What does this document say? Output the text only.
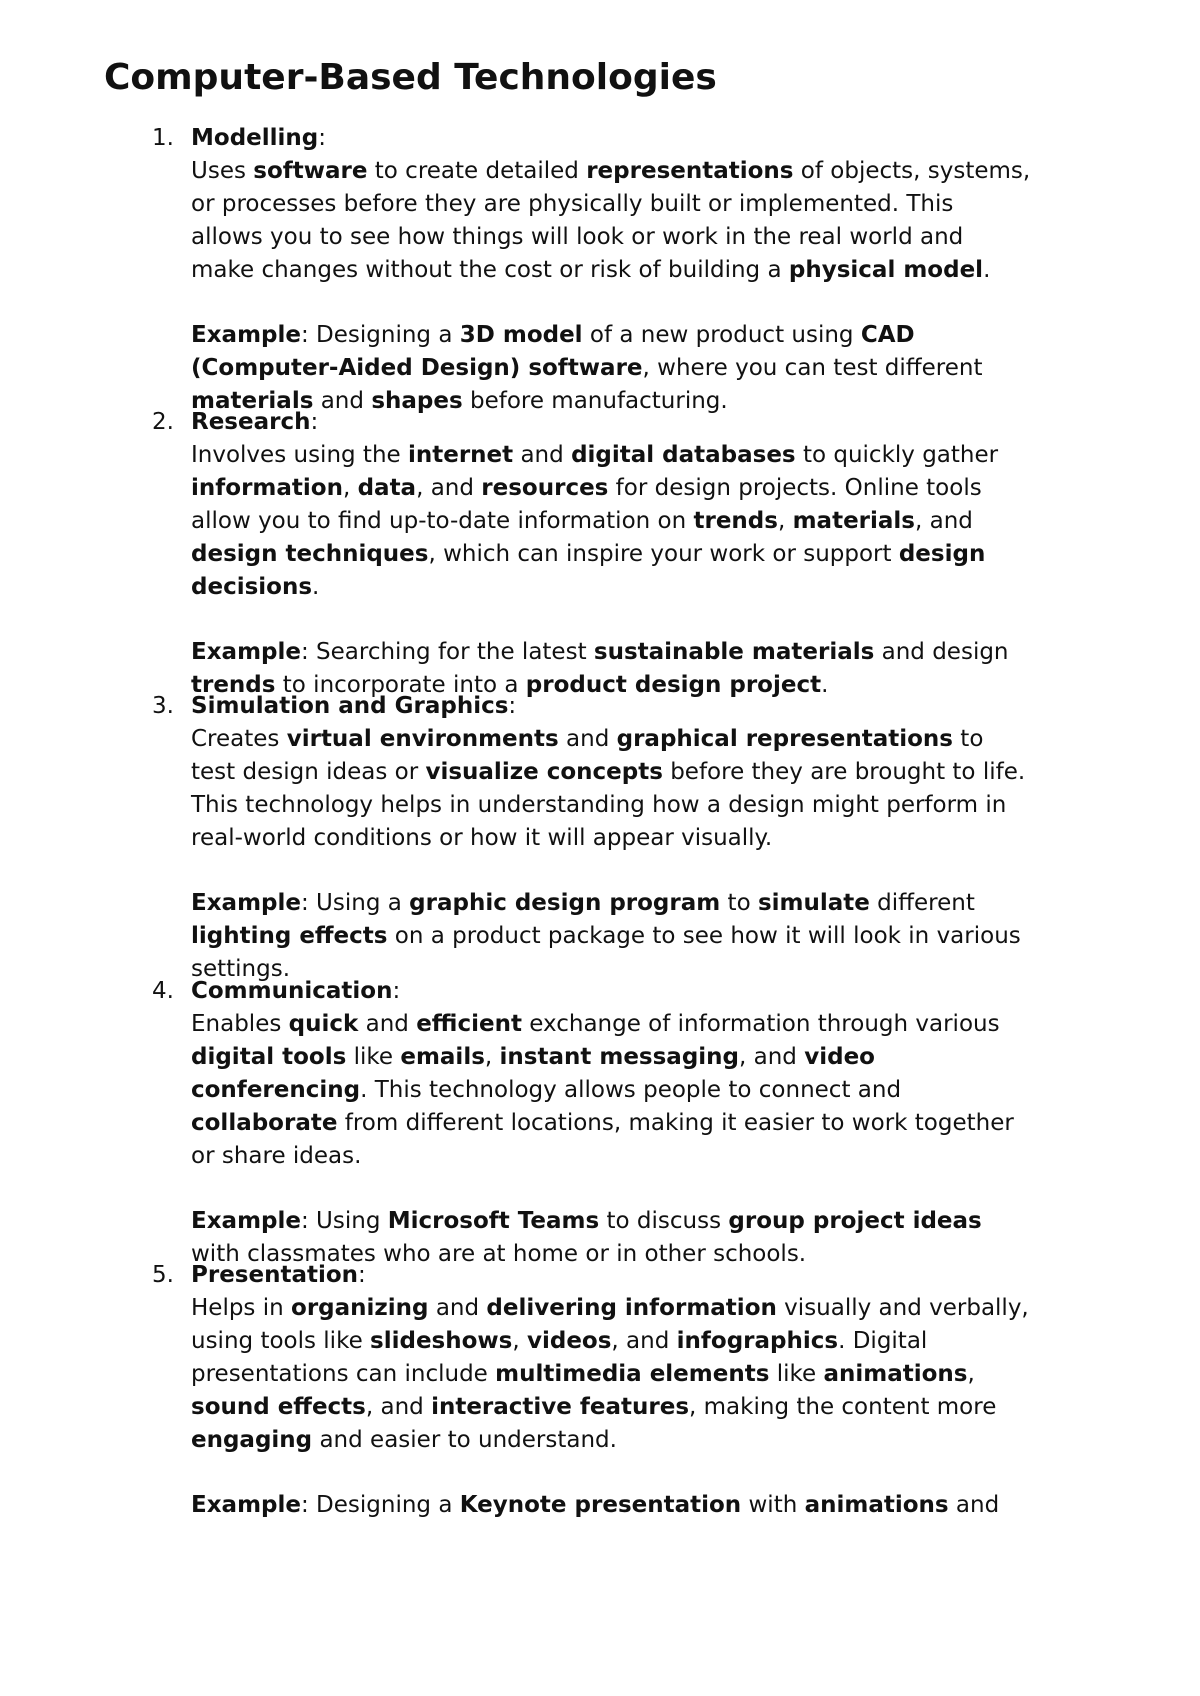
Computer-Based Technologies
1. Modelling:
Uses software to create detailed representations of objects, systems,
or processes before they are physically built or implemented. This
allows you to see how things will look or work in the real world and
make changes without the cost or risk of building a physical model.
Example: Designing a 3D model of a new product using CAD
(Computer-Aided Design) software, where you can test different
materials and shapes before manufacturing.
2. Research:
Involves using the internet and digital databases to quickly gather
information, data, and resources for design projects. Online tools
allow you to find up-to-date information on trends, materials, and
design techniques, which can inspire your work or support design
decisions.
Example: Searching for the latest sustainable materials and design
trends to incorporate into a product design project.
3. Simulation and Graphics:
Creates virtual environments and graphical representations to
test design ideas or visualize concepts before they are brought to life.
This technology helps in understanding how a design might perform in
real-world conditions or how it will appear visually.
Example: Using a graphic design program to simulate different
lighting effects on a product package to see how it will look in various
settings.
4. Communication:
Enables quick and efficient exchange of information through various
digital tools like emails, instant messaging, and video
conferencing. This technology allows people to connect and
collaborate from different locations, making it easier to work together
or share ideas.
Example: Using Microsoft Teams to discuss group project ideas
with classmates who are at home or in other schools.
5. Presentation:
Helps in organizing and delivering information visually and verbally,
using tools like slideshows, videos, and infographics. Digital
presentations can include multimedia elements like animations,
sound effects, and interactive features, making the content more
engaging and easier to understand.
Example: Designing a Keynote presentation with animations and
